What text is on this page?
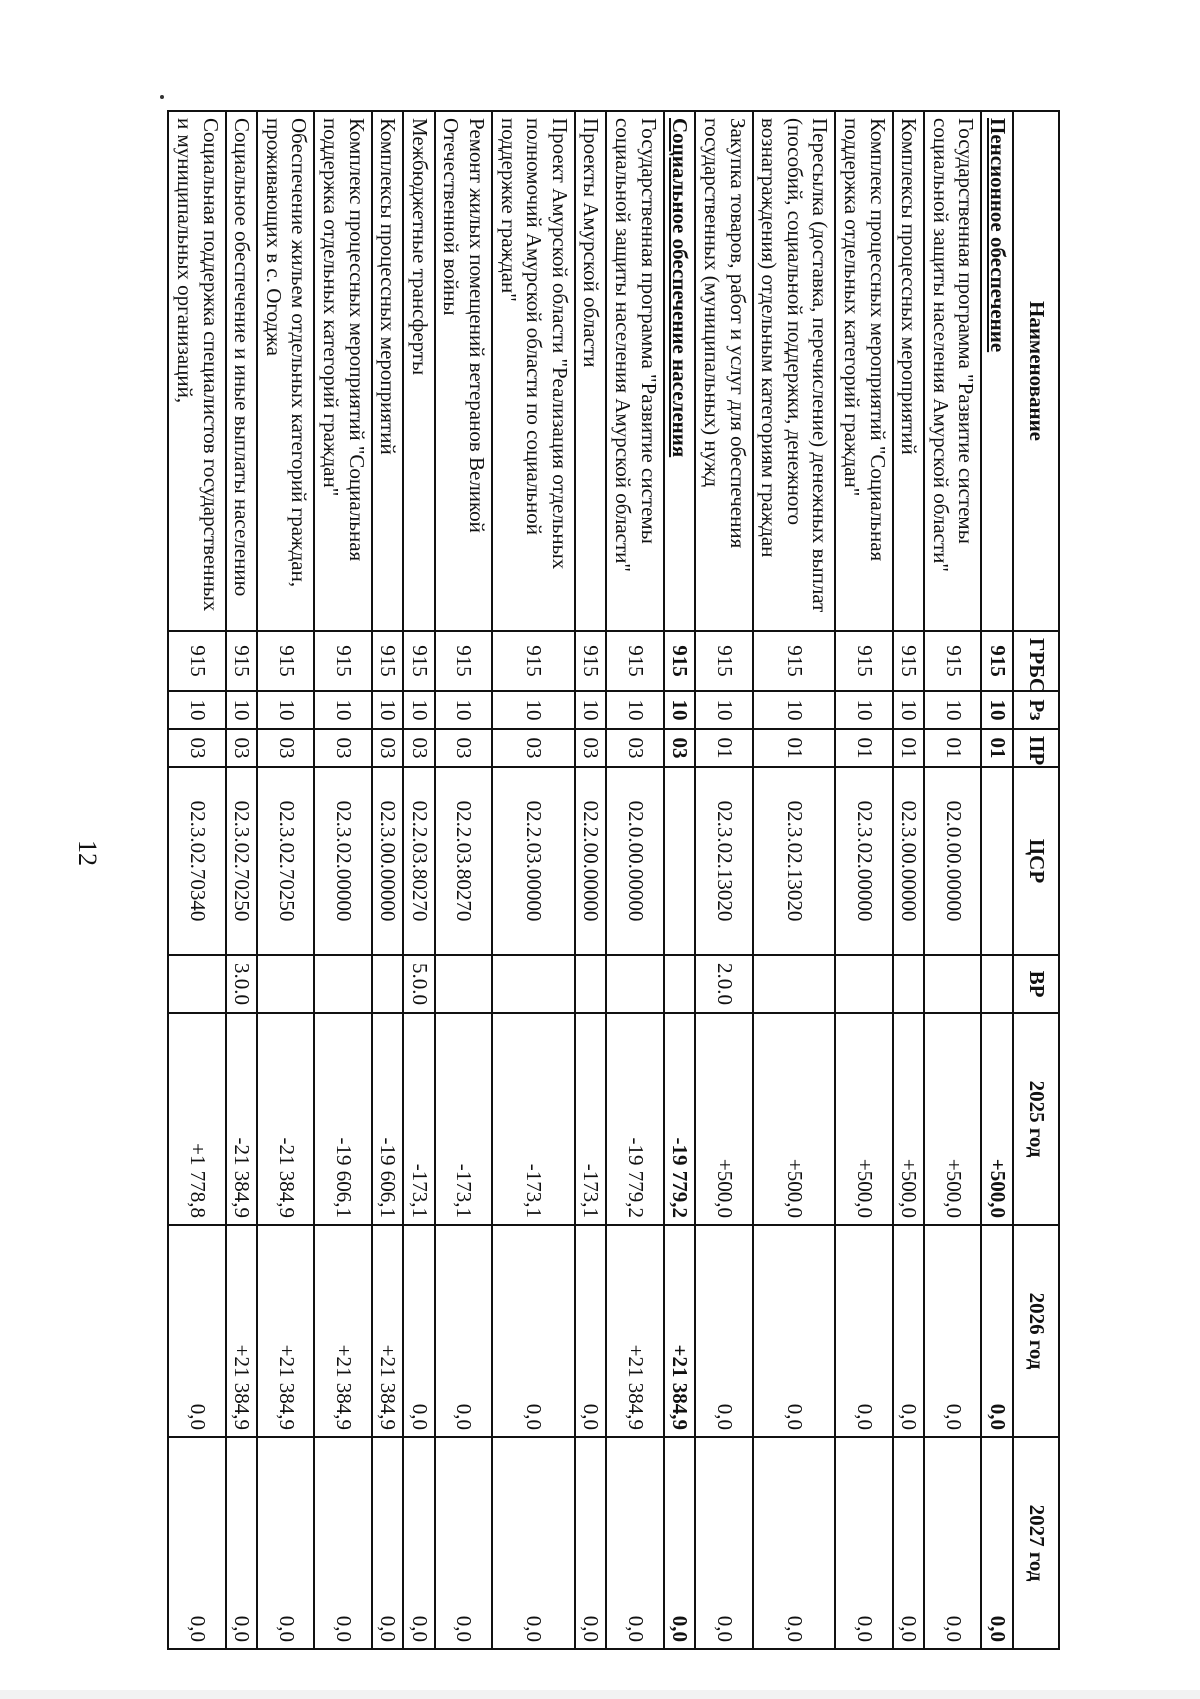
12
Наименование	ГРБС	Рз	ПР	ЦСР	ВР	2025 год	2026 год	2027 год
Пенсионное обеспечение	915	10	01			+500,0	0,0	0,0
Государственная программа "Развитие системы социальной защиты населения Амурской области"	915	10	01	02.0.00.00000		+500,0	0,0	0,0
Комплексы процессных мероприятий	915	10	01	02.3.00.00000		+500,0	0,0	0,0
Комплекс процессных мероприятий "Социальная поддержка отдельных категорий граждан"	915	10	01	02.3.02.00000		+500,0	0,0	0,0
Пересылка (доставка, перечисление) денежных выплат (пособий, социальной поддержки, денежного вознаграждения) отдельным категориям граждан	915	10	01	02.3.02.13020		+500,0	0,0	0,0
Закупка товаров, работ и услуг для обеспечения государственных (муниципальных) нужд	915	10	01	02.3.02.13020	2.0.0	+500,0	0,0	0,0
Социальное обеспечение населения	915	10	03			-19 779,2	+21 384,9	0,0
Государственная программа "Развитие системы социальной защиты населения Амурской области"	915	10	03	02.0.00.00000		-19 779,2	+21 384,9	0,0
Проекты Амурской области	915	10	03	02.2.00.00000		-173,1	0,0	0,0
Проект Амурской области "Реализация отдельных полномочий Амурской области по социальной поддержке граждан"	915	10	03	02.2.03.00000		-173,1	0,0	0,0
Ремонт жилых помещений ветеранов Великой Отечественной войны	915	10	03	02.2.03.80270		-173,1	0,0	0,0
Межбюджетные трансферты	915	10	03	02.2.03.80270	5.0.0	-173,1	0,0	0,0
Комплексы процессных мероприятий	915	10	03	02.3.00.00000		-19 606,1	+21 384,9	0,0
Комплекс процессных мероприятий "Социальная поддержка отдельных категорий граждан"	915	10	03	02.3.02.00000		-19 606,1	+21 384,9	0,0
Обеспечение жильем отдельных категорий граждан, проживающих в с. Огоджа	915	10	03	02.3.02.70250		-21 384,9	+21 384,9	0,0
Социальное обеспечение и иные выплаты населению	915	10	03	02.3.02.70250	3.0.0	-21 384,9	+21 384,9	0,0
Социальная поддержка специалистов государственных и муниципальных организаций,	915	10	03	02.3.02.70340		+1 778,8	0,0	0,0
